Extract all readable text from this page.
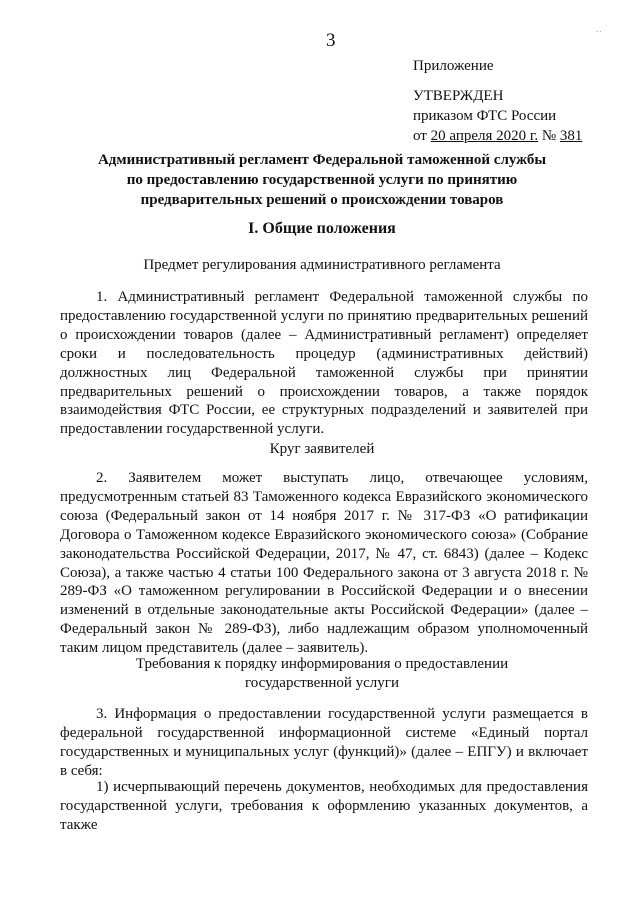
3	˙˙
Приложение
УТВЕРЖДЕН
приказом ФТС России
от 20 апреля 2020 г. № 381
Административный регламент Федеральной таможенной службы
по предоставлению государственной услуги по принятию
предварительных решений о происхождении товаров
I. Общие положения
Предмет регулирования административного регламента
1. Административный регламент Федеральной таможенной службы по предоставлению государственной услуги по принятию предварительных решений о происхождении товаров (далее – Административный регламент) определяет сроки и последовательность процедур (административных действий) должностных лиц Федеральной таможенной службы при принятии предварительных решений о происхождении товаров, а также порядок взаимодействия ФТС России, ее структурных подразделений и заявителей при предоставлении государственной услуги.
Круг заявителей
2. Заявителем может выступать лицо, отвечающее условиям, предусмотренным статьей 83 Таможенного кодекса Евразийского экономического союза (Федеральный закон от 14 ноября 2017 г. № 317-ФЗ «О ратификации Договора о Таможенном кодексе Евразийского экономического союза» (Собрание законодательства Российской Федерации, 2017, № 47, ст. 6843) (далее – Кодекс Союза), а также частью 4 статьи 100 Федерального закона от 3 августа 2018 г. № 289-ФЗ «О таможенном регулировании в Российской Федерации и о внесении изменений в отдельные законодательные акты Российской Федерации» (далее – Федеральный закон № 289-ФЗ), либо надлежащим образом уполномоченный таким лицом представитель (далее – заявитель).
Требования к порядку информирования о предоставлении
государственной услуги
3. Информация о предоставлении государственной услуги размещается в федеральной государственной информационной системе «Единый портал государственных и муниципальных услуг (функций)» (далее – ЕПГУ) и включает в себя:
1) исчерпывающий перечень документов, необходимых для предоставления государственной услуги, требования к оформлению указанных документов, а также
